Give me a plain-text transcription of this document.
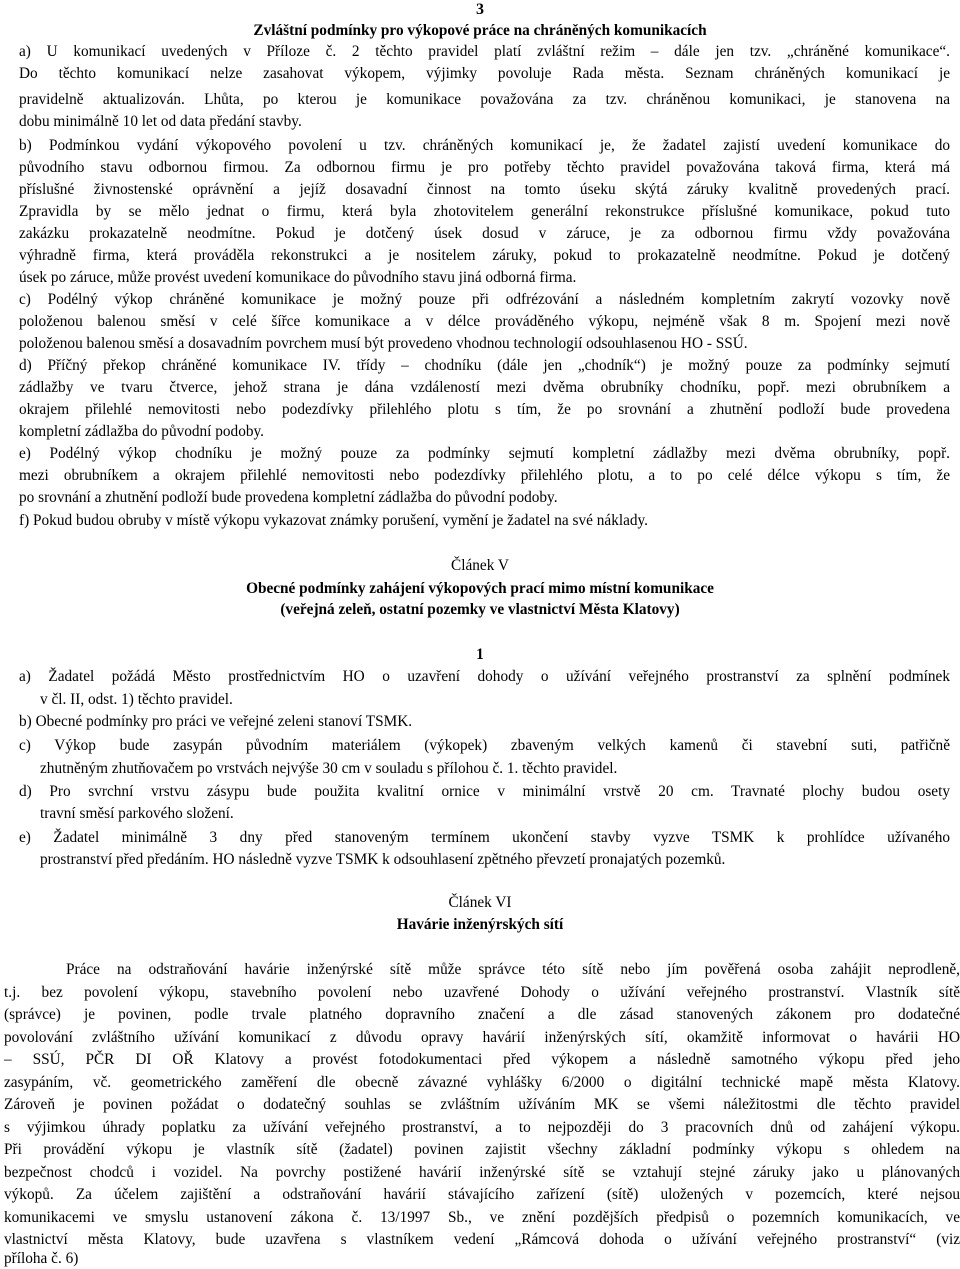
3
Zvláštní podmínky pro výkopové práce na chráněných komunikacích
a) U komunikací uvedených v Příloze č. 2 těchto pravidel platí zvláštní režim – dále jen tzv. „chráněné komunikace“.
Do těchto komunikací nelze zasahovat výkopem, výjimky povoluje Rada města. Seznam chráněných komunikací je
pravidelně aktualizován. Lhůta, po kterou je komunikace považována za tzv. chráněnou komunikaci, je stanovena na
dobu minimálně 10 let od data předání stavby.
b) Podmínkou vydání výkopového povolení u tzv. chráněných komunikací je, že žadatel zajistí uvedení komunikace do
původního stavu odbornou firmou. Za odbornou firmu je pro potřeby těchto pravidel považována taková firma, která má
příslušné živnostenské oprávnění a jejíž dosavadní činnost na tomto úseku skýtá záruky kvalitně provedených prací.
Zpravidla by se mělo jednat o firmu, která byla zhotovitelem generální rekonstrukce příslušné komunikace, pokud tuto
zakázku prokazatelně neodmítne. Pokud je dotčený úsek dosud v záruce, je za odbornou firmu vždy považována
výhradně firma, která prováděla rekonstrukci a je nositelem záruky, pokud to prokazatelně neodmítne. Pokud je dotčený
úsek po záruce, může provést uvedení komunikace do původního stavu jiná odborná firma.
c) Podélný výkop chráněné komunikace je možný pouze při odfrézování a následném kompletním zakrytí vozovky nově
položenou balenou směsí v celé šířce komunikace a v délce prováděného výkopu, nejméně však 8 m. Spojení mezi nově
položenou balenou směsí a dosavadním povrchem musí být provedeno vhodnou technologií odsouhlasenou HO - SSÚ.
d) Příčný překop chráněné komunikace IV. třídy – chodníku (dále jen „chodník“) je možný pouze za podmínky sejmutí
zádlažby ve tvaru čtverce, jehož strana je dána vzdáleností mezi dvěma obrubníky chodníku, popř. mezi obrubníkem a
okrajem přilehlé nemovitosti nebo podezdívky přilehlého plotu s tím, že po srovnání a zhutnění podloží bude provedena
kompletní zádlažba do původní podoby.
e) Podélný výkop chodníku je možný pouze za podmínky sejmutí kompletní zádlažby mezi dvěma obrubníky, popř.
mezi obrubníkem a okrajem přilehlé nemovitosti nebo podezdívky přilehlého plotu, a to po celé délce výkopu s tím, že
po srovnání a zhutnění podloží bude provedena kompletní zádlažba do původní podoby.
f) Pokud budou obruby v místě výkopu vykazovat známky porušení, vymění je žadatel na své náklady.
Článek V
Obecné podmínky zahájení výkopových prací mimo místní komunikace
(veřejná zeleň, ostatní pozemky ve vlastnictví Města Klatovy)
1
a) Žadatel požádá Město prostřednictvím HO o uzavření dohody o užívání veřejného prostranství za splnění podmínek
v čl. II, odst. 1) těchto pravidel.
b) Obecné podmínky pro práci ve veřejné zeleni stanoví TSMK.
c) Výkop bude zasypán původním materiálem (výkopek) zbaveným velkých kamenů či stavební suti, patřičně
zhutněným zhutňovačem po vrstvách nejvýše 30 cm v souladu s přílohou č. 1. těchto pravidel.
d) Pro svrchní vrstvu zásypu bude použita kvalitní ornice v minimální vrstvě 20 cm. Travnaté plochy budou osety
travní směsí parkového složení.
e) Žadatel minimálně 3 dny před stanoveným termínem ukončení stavby vyzve TSMK k prohlídce užívaného
prostranství před předáním. HO následně vyzve TSMK k odsouhlasení zpětného převzetí pronajatých pozemků.
Článek VI
Havárie inženýrských sítí
Práce na odstraňování havárie inženýrské sítě může správce této sítě nebo jím pověřená osoba zahájit neprodleně,
t.j. bez povolení výkopu, stavebního povolení nebo uzavřené Dohody o užívání veřejného prostranství. Vlastník sítě
(správce) je povinen, podle trvale platného dopravního značení a dle zásad stanovených zákonem pro dodatečné
povolování zvláštního užívání komunikací z důvodu opravy havárií inženýrských sítí, okamžitě informovat o havárii HO
– SSÚ, PČR DI OŘ Klatovy a provést fotodokumentaci před výkopem a následně samotného výkopu před jeho
zasypáním, vč. geometrického zaměření dle obecně závazné vyhlášky 6/2000 o digitální technické mapě města Klatovy.
Zároveň je povinen požádat o dodatečný souhlas se zvláštním užíváním MK se všemi náležitostmi dle těchto pravidel
s výjimkou úhrady poplatku za užívání veřejného prostranství, a to nejpozději do 3 pracovních dnů od zahájení výkopu.
Při provádění výkopu je vlastník sítě (žadatel) povinen zajistit všechny základní podmínky výkopu s ohledem na
bezpečnost chodců i vozidel. Na povrchy postižené havárií inženýrské sítě se vztahují stejné záruky jako u plánovaných
výkopů. Za účelem zajištění a odstraňování havárií stávajícího zařízení (sítě) uložených v pozemcích, které nejsou
komunikacemi ve smyslu ustanovení zákona č. 13/1997 Sb., ve znění pozdějších předpisů o pozemních komunikacích, ve
vlastnictví města Klatovy, bude uzavřena s vlastníkem vedení „Rámcová dohoda o užívání veřejného prostranství“ (viz
příloha č. 6)
